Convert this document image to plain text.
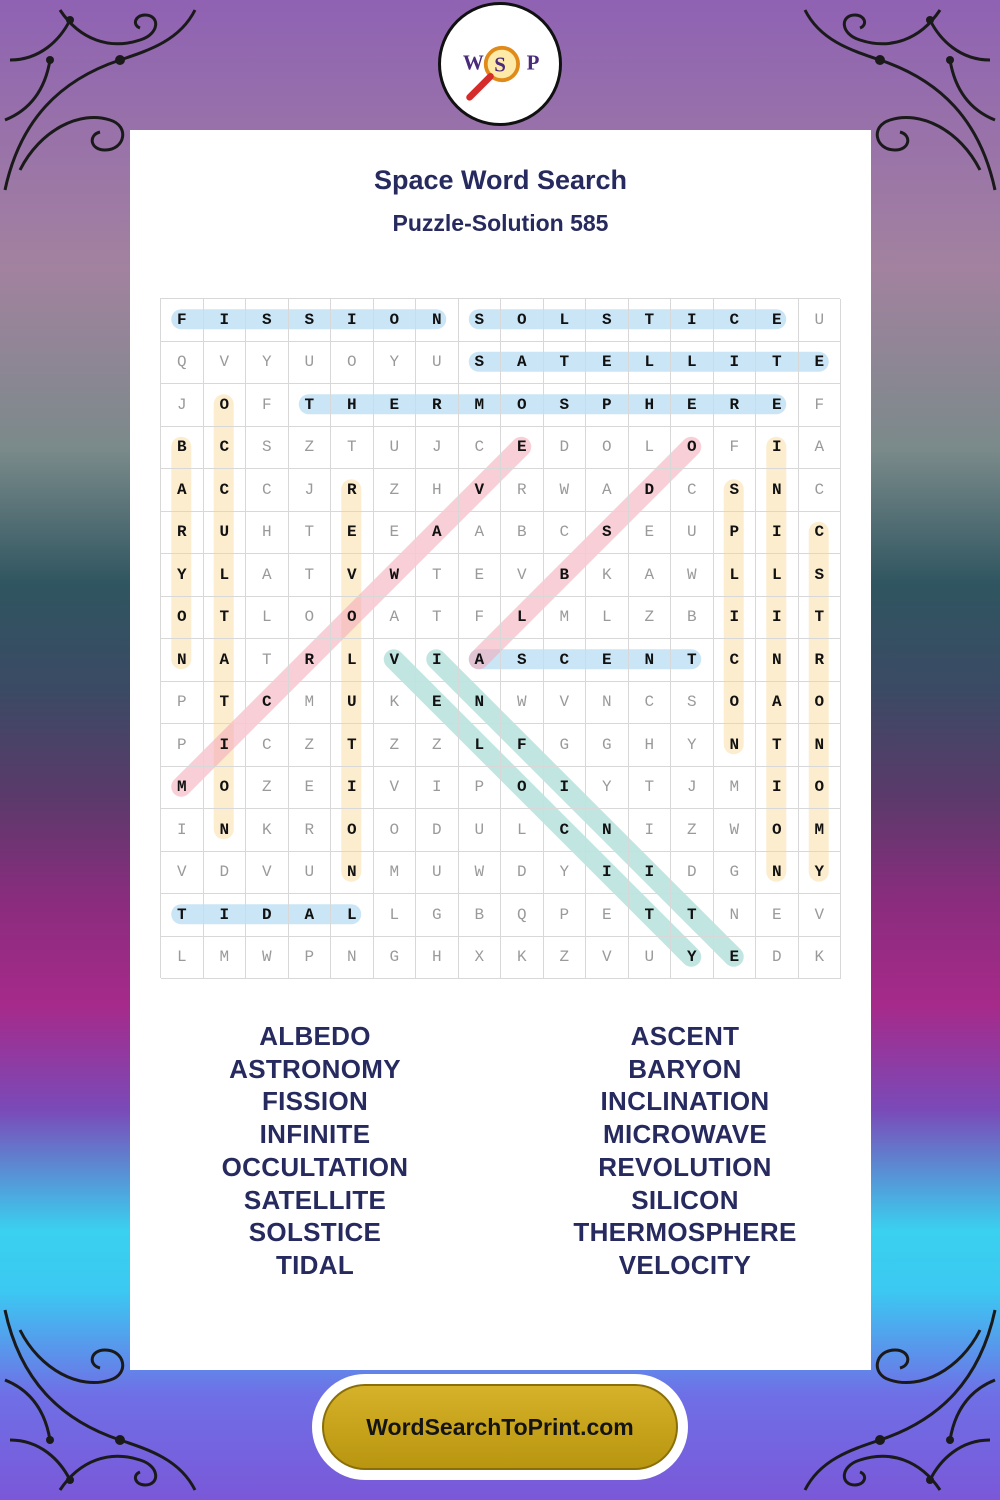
W S P
Space Word Search
Puzzle-Solution 585
F	I	S	S	I	O	N	S	O	L	S	T	I	C	E	U
Q	V	Y	U	O	Y	U	S	A	T	E	L	L	I	T	E
J	O	F	T	H	E	R	M	O	S	P	H	E	R	E	F
B	C	S	Z	T	U	J	C	E	D	O	L	O	F	I	A
A	C	C	J	R	Z	H	V	R	W	A	D	C	S	N	C
R	U	H	T	E	E	A	A	B	C	S	E	U	P	I	C
Y	L	A	T	V	W	T	E	V	B	K	A	W	L	L	S
O	T	L	O	O	A	T	F	L	M	L	Z	B	I	I	T
N	A	T	R	L	V	I	A	S	C	E	N	T	C	N	R
P	T	C	M	U	K	E	N	W	V	N	C	S	O	A	O
P	I	C	Z	T	Z	Z	L	F	G	G	H	Y	N	T	N
M	O	Z	E	I	V	I	P	O	I	Y	T	J	M	I	O
I	N	K	R	O	O	D	U	L	C	N	I	Z	W	O	M
V	D	V	U	N	M	U	W	D	Y	I	I	D	G	N	Y
T	I	D	A	L	L	G	B	Q	P	E	T	T	N	E	V
L	M	W	P	N	G	H	X	K	Z	V	U	Y	E	D	K
ALBEDO
ASTRONOMY
FISSION
INFINITE
OCCULTATION
SATELLITE
SOLSTICE
TIDAL
ASCENT
BARYON
INCLINATION
MICROWAVE
REVOLUTION
SILICON
THERMOSPHERE
VELOCITY
WordSearchToPrint.com
